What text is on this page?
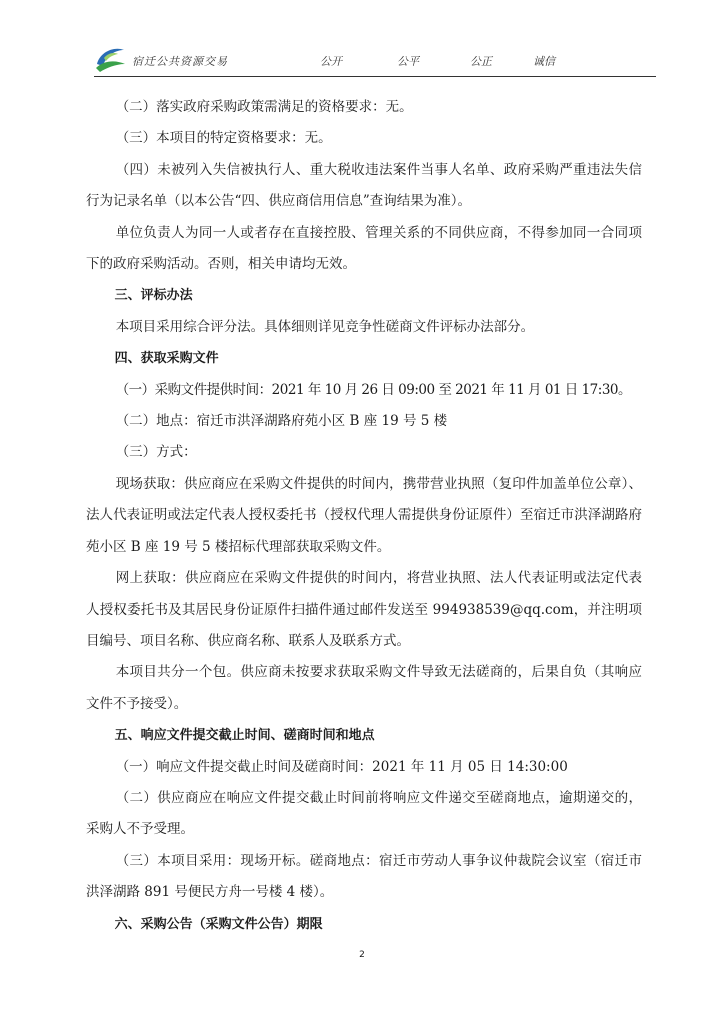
宿迁公共资源交易	公开	公平	公正	诚信

（二）落实政府采购政策需满足的资格要求：无。

（三）本项目的特定资格要求：无。

（四）未被列入失信被执行人、重大税收违法案件当事人名单、政府采购严重违法失信行为记录名单（以本公告“四、供应商信用信息”查询结果为准）。

单位负责人为同一人或者存在直接控股、管理关系的不同供应商，不得参加同一合同项下的政府采购活动。否则，相关申请均无效。

三、评标办法

本项目采用综合评分法。具体细则详见竞争性磋商文件评标办法部分。

四、获取采购文件

（一）采购文件提供时间：2021 年 10 月 26 日 09:00 至 2021 年 11 月 01 日 17:30。

（二）地点：宿迁市洪泽湖路府苑小区 B 座 19 号 5 楼

（三）方式：

现场获取：供应商应在采购文件提供的时间内，携带营业执照（复印件加盖单位公章）、法人代表证明或法定代表人授权委托书（授权代理人需提供身份证原件）至宿迁市洪泽湖路府苑小区 B 座 19 号 5 楼招标代理部获取采购文件。

网上获取：供应商应在采购文件提供的时间内，将营业执照、法人代表证明或法定代表人授权委托书及其居民身份证原件扫描件通过邮件发送至 994938539@qq.com，并注明项目编号、项目名称、供应商名称、联系人及联系方式。

本项目共分一个包。供应商未按要求获取采购文件导致无法磋商的，后果自负（其响应文件不予接受）。

五、响应文件提交截止时间、磋商时间和地点

（一）响应文件提交截止时间及磋商时间：2021 年 11 月 05 日 14:30:00

（二）供应商应在响应文件提交截止时间前将响应文件递交至磋商地点，逾期递交的，采购人不予受理。

（三）本项目采用：现场开标。磋商地点：宿迁市劳动人事争议仲裁院会议室（宿迁市洪泽湖路 891 号便民方舟一号楼 4 楼）。

六、采购公告（采购文件公告）期限

2
